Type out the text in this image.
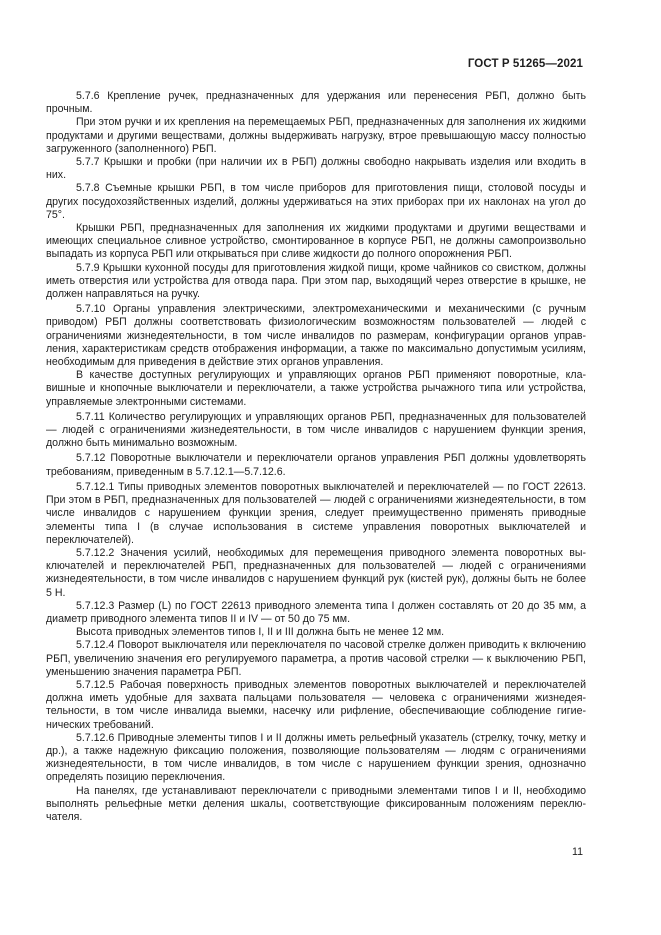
ГОСТ Р 51265—2021

5.7.6 Крепление ручек, предназначенных для удержания или перенесения РБП, должно быть прочным.

При этом ручки и их крепления на перемещаемых РБП, предназначенных для заполнения их жидкими продуктами и другими веществами, должны выдерживать нагрузку, втрое превышающую массу полностью загруженного (заполненного) РБП.

5.7.7 Крышки и пробки (при наличии их в РБП) должны свободно накрывать изделия или входить в них.

5.7.8 Съемные крышки РБП, в том числе приборов для приготовления пищи, столовой посуды и других посудохозяйственных изделий, должны удерживаться на этих приборах при их наклонах на угол до 75°.

Крышки РБП, предназначенных для заполнения их жидкими продуктами и другими веществами и имеющих специальное сливное устройство, смонтированное в корпусе РБП, не должны самопроизвольно выпадать из корпуса РБП или открываться при сливе жидкости до полного опорожнения РБП.

5.7.9 Крышки кухонной посуды для приготовления жидкой пищи, кроме чайников со свистком, должны иметь отверстия или устройства для отвода пара. При этом пар, выходящий через отверстие в крышке, не должен направляться на ручку.

5.7.10 Органы управления электрическими, электромеханическими и механическими (с ручным приводом) РБП должны соответствовать физиологическим возможностям пользователей — людей с ограничениями жизнедеятельности, в том числе инвалидов по размерам, конфигурации органов управления, характеристикам средств отображения информации, а также по максимально допустимым усилиям, необходимым для приведения в действие этих органов управления.

В качестве доступных регулирующих и управляющих органов РБП применяют поворотные, клавишные и кнопочные выключатели и переключатели, а также устройства рычажного типа или устройства, управляемые электронными системами.

5.7.11 Количество регулирующих и управляющих органов РБП, предназначенных для пользователей — людей с ограничениями жизнедеятельности, в том числе инвалидов с нарушением функции зрения, должно быть минимально возможным.

5.7.12 Поворотные выключатели и переключатели органов управления РБП должны удовлетворять требованиям, приведенным в 5.7.12.1—5.7.12.6.

5.7.12.1 Типы приводных элементов поворотных выключателей и переключателей — по ГОСТ 22613. При этом в РБП, предназначенных для пользователей — людей с ограничениями жизнедеятельности, в том числе инвалидов с нарушением функции зрения, следует преимущественно применять приводные элементы типа I (в случае использования в системе управления поворотных выключателей и переключателей).

5.7.12.2 Значения усилий, необходимых для перемещения приводного элемента поворотных выключателей и переключателей РБП, предназначенных для пользователей — людей с ограничениями жизнедеятельности, в том числе инвалидов с нарушением функций рук (кистей рук), должны быть не более 5 Н.

5.7.12.3 Размер (L) по ГОСТ 22613 приводного элемента типа I должен составлять от 20 до 35 мм, а диаметр приводного элемента типов II и IV — от 50 до 75 мм.

Высота приводных элементов типов I, II и III должна быть не менее 12 мм.

5.7.12.4 Поворот выключателя или переключателя по часовой стрелке должен приводить к включению РБП, увеличению значения его регулируемого параметра, а против часовой стрелки — к выключению РБП, уменьшению значения параметра РБП.

5.7.12.5 Рабочая поверхность приводных элементов поворотных выключателей и переключателей должна иметь удобные для захвата пальцами пользователя — человека с ограничениями жизнедеятельности, в том числе инвалида выемки, насечку или рифление, обеспечивающие соблюдение гигиенических требований.

5.7.12.6 Приводные элементы типов I и II должны иметь рельефный указатель (стрелку, точку, метку и др.), а также надежную фиксацию положения, позволяющие пользователям — людям с ограничениями жизнедеятельности, в том числе инвалидов, в том числе с нарушением функции зрения, однозначно определять позицию переключения.

На панелях, где устанавливают переключатели с приводными элементами типов I и II, необходимо выполнять рельефные метки деления шкалы, соответствующие фиксированным положениям переключателя.

11
